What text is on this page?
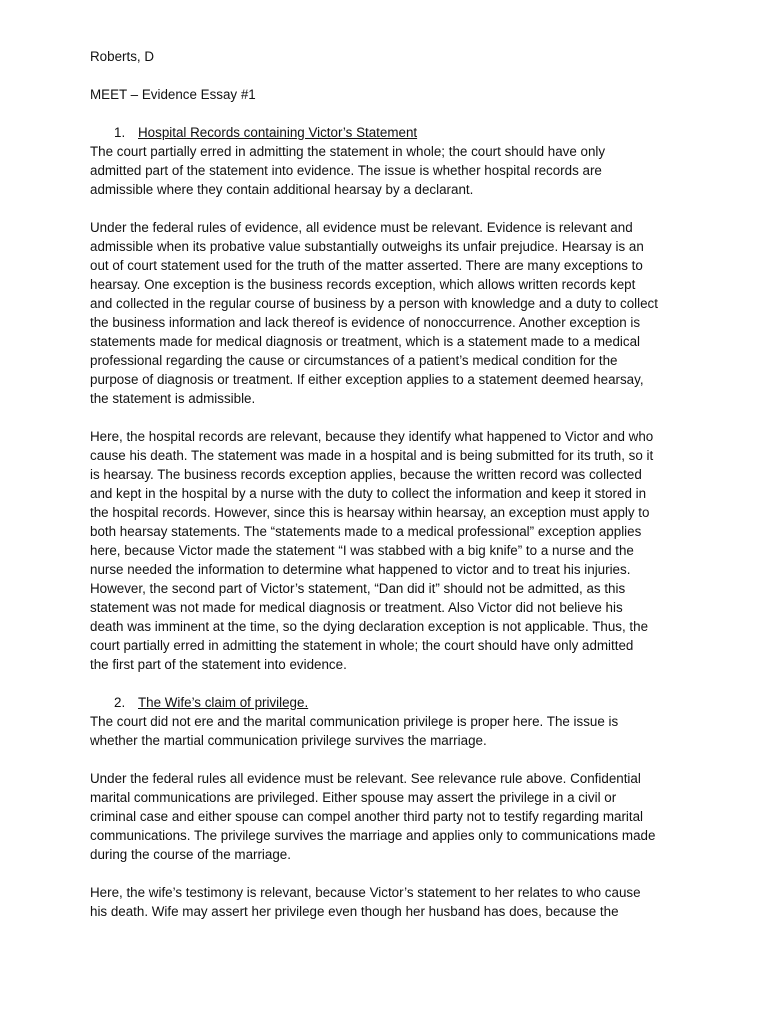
Roberts, D

MEET – Evidence Essay #1

1. Hospital Records containing Victor’s Statement

The court partially erred in admitting the statement in whole; the court should have only

admitted part of the statement into evidence. The issue is whether hospital records are

admissible where they contain additional hearsay by a declarant.

Under the federal rules of evidence, all evidence must be relevant. Evidence is relevant and

admissible when its probative value substantially outweighs its unfair prejudice. Hearsay is an

out of court statement used for the truth of the matter asserted. There are many exceptions to

hearsay. One exception is the business records exception, which allows written records kept

and collected in the regular course of business by a person with knowledge and a duty to collect

the business information and lack thereof is evidence of nonoccurrence. Another exception is

statements made for medical diagnosis or treatment, which is a statement made to a medical

professional regarding the cause or circumstances of a patient’s medical condition for the

purpose of diagnosis or treatment. If either exception applies to a statement deemed hearsay,

the statement is admissible.

Here, the hospital records are relevant, because they identify what happened to Victor and who

cause his death. The statement was made in a hospital and is being submitted for its truth, so it

is hearsay. The business records exception applies, because the written record was collected

and kept in the hospital by a nurse with the duty to collect the information and keep it stored in

the hospital records. However, since this is hearsay within hearsay, an exception must apply to

both hearsay statements. The “statements made to a medical professional” exception applies

here, because Victor made the statement “I was stabbed with a big knife” to a nurse and the

nurse needed the information to determine what happened to victor and to treat his injuries.

However, the second part of Victor’s statement, “Dan did it” should not be admitted, as this

statement was not made for medical diagnosis or treatment. Also Victor did not believe his

death was imminent at the time, so the dying declaration exception is not applicable. Thus, the

court partially erred in admitting the statement in whole; the court should have only admitted

the first part of the statement into evidence.

2. The Wife’s claim of privilege.

The court did not ere and the marital communication privilege is proper here. The issue is

whether the martial communication privilege survives the marriage.

Under the federal rules all evidence must be relevant. See relevance rule above. Confidential

marital communications are privileged. Either spouse may assert the privilege in a civil or

criminal case and either spouse can compel another third party not to testify regarding marital

communications. The privilege survives the marriage and applies only to communications made

during the course of the marriage.

Here, the wife’s testimony is relevant, because Victor’s statement to her relates to who cause

his death. Wife may assert her privilege even though her husband has does, because the
